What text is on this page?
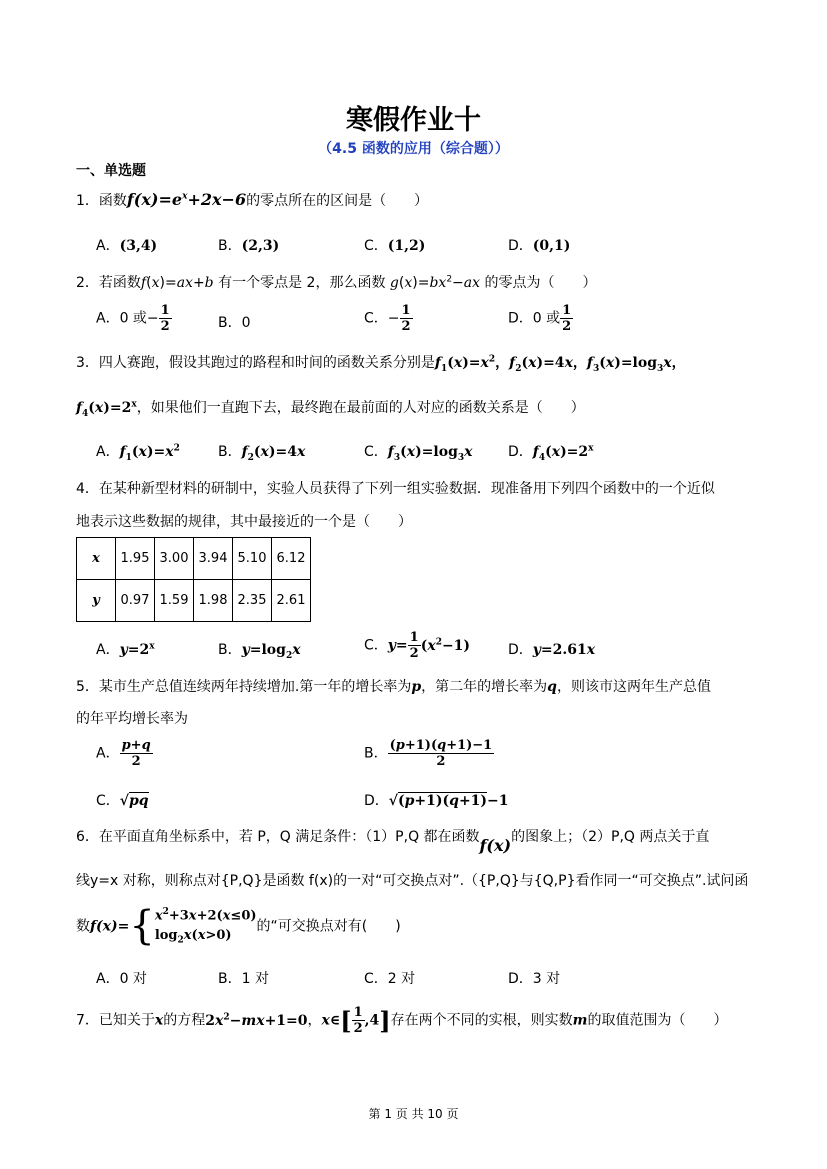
寒假作业十
（4.5 函数的应用（综合题））
一、单选题
1．函数$f(x)=e^x+2x-6$的零点所在的区间是（　　）
A．(3,4)	B．(2,3)	C．(1,2)	D．(0,1)
2．若函数f(x)=ax+b 有一个零点是 2，那么函数 $g(x)=bx^2-ax$ 的零点为（　　）
A．0 或− $\frac{1}{2}$	B．0	C．− $\frac{1}{2}$	D．0 或 $\frac{1}{2}$
3．四人赛跑，假设其跑过的路程和时间的函数关系分别是$f_1(x)=x^2$，$f_2(x)=4x$，$f_3(x)=\log_3x$，
$f_4(x)=2^x$，如果他们一直跑下去，最终跑在最前面的人对应的函数关系是（　　）
A．$f_1(x)=x^2$	B．$f_2(x)=4x$	C．$f_3(x)=\log_3x$	D．$f_4(x)=2^x$
4．在某种新型材料的研制中，实验人员获得了下列一组实验数据．现准备用下列四个函数中的一个近似
地表示这些数据的规律，其中最接近的一个是（　　）
x	1.95	3.00	3.94	5.10	6.12
y	0.97	1.59	1.98	2.35	2.61
A．$y=2^x$	B．$y=\log_2x$	C．$y= \frac{1}{2} (x^2-1)$	D．y=2.61x
5．某市生产总值连续两年持续增加.第一年的增长率为p，第二年的增长率为q，则该市这两年生产总值
的年平均增长率为
A． $\frac{p+q}{2}$	B． $\frac{(p+1)(q+1)-1}{2}$
C．√pq	D．√(p+1)(q+1)−1
6．在平面直角坐标系中，若 P，Q 满足条件：（1）P,Q 都在函数f(x)的图象上；（2）P,Q 两点关于直
线y=x 对称，则称点对{P,Q}是函数 f(x)的一对“可交换点对”.（{P,Q}与{Q,P}看作同一“可交换点”.试问函
数$f(x)=\{x^2+3x+2(x\le 0)$
$\log_2x(x>0)$的“可交换点对有(　　)
A．0 对	B．1 对	C．2 对	D．3 对
7．已知关于x的方程$2x^2-mx+1=0$，x∈[ $\frac{1}{2} ,4$]存在两个不同的实根，则实数m的取值范围为（　　）
第 1 页 共 10 页
